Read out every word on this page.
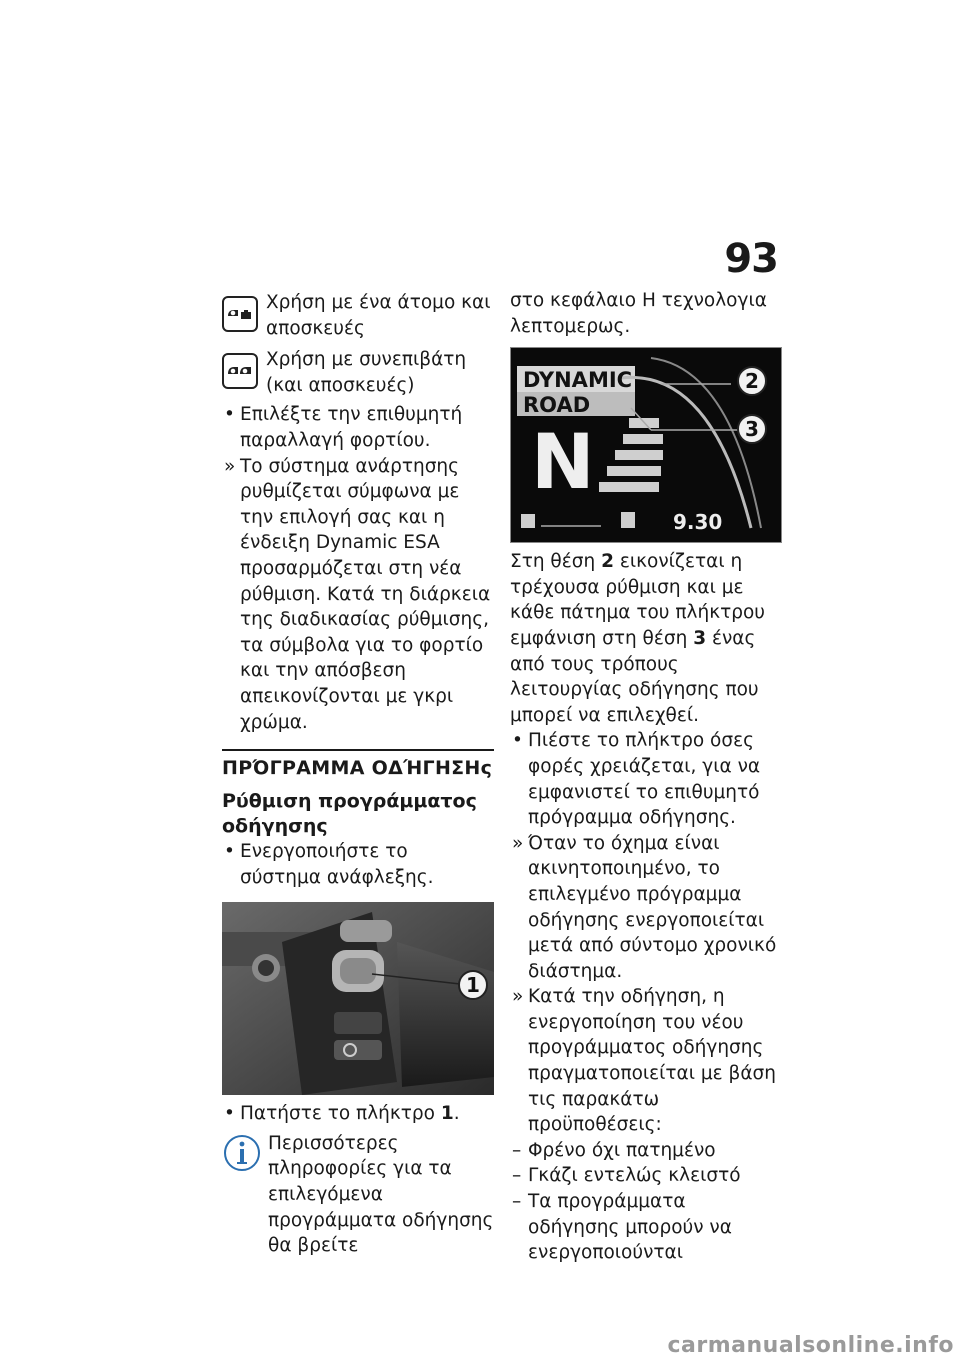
93
Χρήση με ένα άτομο και αποσκευές
Χρήση με συνεπιβάτη (και αποσκευές)
• Επιλέξτε την επιθυμητή παραλλαγή φορτίου.
» Το σύστημα ανάρτησης ρυθμίζεται σύμφωνα με την επιλογή σας και η ένδειξη Dynamic ESA προσαρμόζεται στη νέα ρύθμιση. Κατά τη διάρκεια της διαδικασίας ρύθμισης, τα σύμβολα για το φορτίο και την απόσβεση απεικονίζονται με γκρι χρώμα.
ΠΡΌΓΡΑΜΜΑ ΟΔΉΓΗΣΗς
Ρύθμιση προγράμματος οδήγησης
• Ενεργοποιήστε το σύστημα ανάφλεξης.
1
• Πατήστε το πλήκτρο 1.
Περισσότερες πληροφορίες για τα επιλεγόμενα προγράμματα οδήγησης θα βρείτε
στο κεφάλαιο Η τεχνολογια λεπτομερως.
DYNAMIC
ROAD
N
9.30
2
3
Στη θέση 2 εικονίζεται η τρέχουσα ρύθμιση και με κάθε πάτημα του πλήκτρου εμφάνιση στη θέση 3 ένας από τους τρόπους λειτουργίας οδήγησης που μπορεί να επιλεχθεί.
• Πιέστε το πλήκτρο όσες φορές χρειάζεται, για να εμφανιστεί το επιθυμητό πρόγραμμα οδήγησης.
» Όταν το όχημα είναι ακινητοποιημένο, το επιλεγμένο πρόγραμμα οδήγησης ενεργοποιείται μετά από σύντομο χρονικό διάστημα.
» Κατά την οδήγηση, η ενεργοποίηση του νέου προγράμματος οδήγησης πραγματοποιείται με βάση τις παρακάτω προϋποθέσεις:
– Φρένο όχι πατημένο
– Γκάζι εντελώς κλειστό
– Τα προγράμματα οδήγησης μπορούν να ενεργοποιούνται
carmanualsonline.info
